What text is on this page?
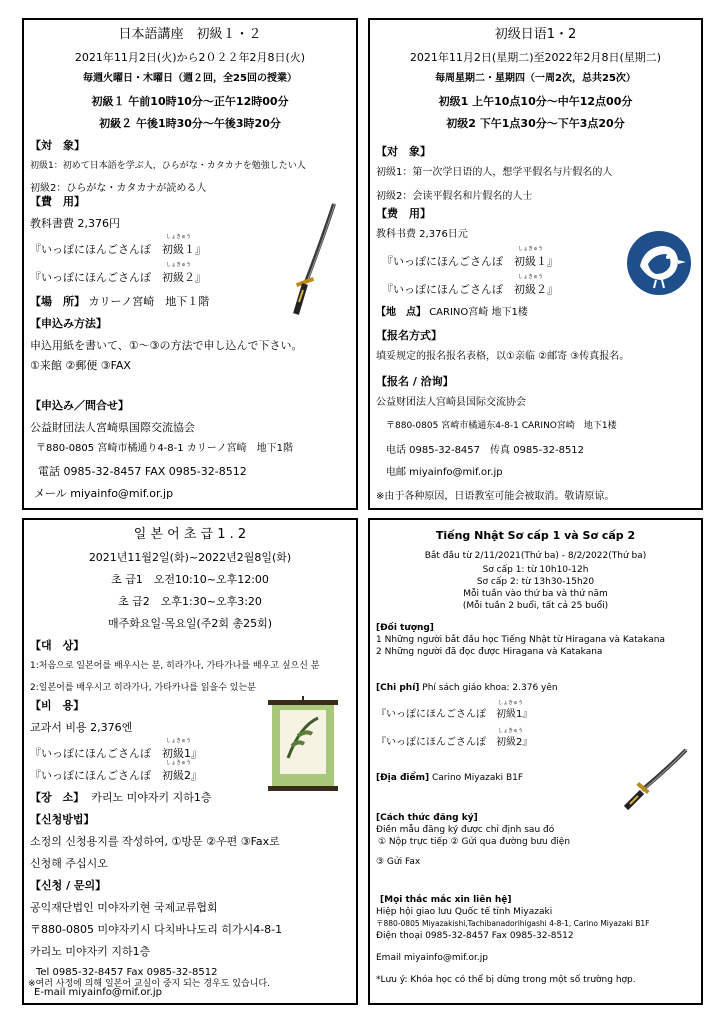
日本語講座　初級１・２
2021年11月2日(火)から2０２２年2月8日(火)
毎週火曜日・木曜日（週２回，全25回の授業）
初級１ 午前10時10分～正午12時00分
初級２ 午後1時30分～午後3時20分
【対　象】
初級1：初めて日本語を学ぶ人，ひらがな・カタカナを勉強したい人
初級2：ひらがな・カタカナが読める人
【費　用】
教科書費 2,376円
『いっぽにほんごさんぽ　
しょきゅう
初級１』
『いっぽにほんごさんぽ　
しょきゅう
初級２』
【場　所】 カリーノ宮崎　地下１階
【申込み方法】
申込用紙を書いて、①～③の方法で申し込んで下さい。
①来館 ②郵便 ③FAX
【申込み／問合せ】
公益財団法人宮崎県国際交流協会
〒880-0805 宮崎市橘通り4-8-1 カリーノ宮崎　地下1階
電話 0985-32-8457 FAX 0985-32-8512
メール miyainfo@mif.or.jp
初级日语1・2
2021年11月2日(星期二)至2022年2月8日(星期二)
每周星期二・星期四（一周2次，总共25次）
初级1 上午10点10分～中午12点00分
初级2 下午1点30分～下午3点20分
【对　象】
初级1：第一次学日语的人，想学平假名与片假名的人
初级2：会读平假名和片假名的人士
【费　用】
教科书费 2,376日元
『いっぽにほんごさんぽ　
しょきゅう
初級１』
『いっぽにほんごさんぽ　
しょきゅう
初級２』
【地　点】 CARINO宮崎 地下1楼
【报名方式】
填妥规定的报名报名表格，以①亲临 ②邮寄 ③传真报名。
【报名 / 洽询】
公益财团法人宫崎县国际交流协会
〒880-0805 宮崎市橘通东4-8-1 CARINO宮崎　地下1楼
电话 0985-32-8457　传真 0985-32-8512
电邮 miyainfo@mif.or.jp
※由于各种原因，日语教室可能会被取消。敬请原谅。
일 본 어 초 급 1 . 2
2021년11월2일(화)~2022년2월8일(화)
초 급1　오전10:10~오후12:00
초 급2　오후1:30~오후3:20
매주화요일·목요일(주2회 총25회)
【대　상】
1:처음으로 일본어를 배우시는 분, 히라가나, 가타가나를 배우고 싶으신 분
2:일본어를 배우시고 히라가나, 가타카나를 읽을수 있는분
【비　용】
교과서 비용 2,376엔
『いっぽにほんごさんぽ　
しょきゅう
初級1』
『いっぽにほんごさんぽ　
しょきゅう
初級2』
【장　소】 카리노 미야자키 지하1층
【신청방법】
소정의 신청용지를 작성하여, ①방문 ②우편 ③Fax로
신청해 주십시오
【신청 / 문의】
공익재단법인 미야자키현 국제교류협회
〒880-0805 미야자키시 다치바나도리 히가시4-8-1
카리노 미야자키 지하1층
Tel 0985-32-8457 Fax 0985-32-8512
E-mail miyainfo@mif.or.jp
※여러 사정에 의해 일본어 교실이 중지 되는 경우도 있습니다.
Tiếng Nhật Sơ cấp 1 và Sơ cấp 2
Bắt đầu từ 2/11/2021(Thứ ba) - 8/2/2022(Thứ ba)
Sơ cấp 1: từ 10h10-12h
Sơ cấp 2: từ 13h30-15h20
Mỗi tuần vào thứ ba và thứ năm
(Mỗi tuần 2 buổi, tất cả 25 buổi)
[Đối tượng]
1 Những người bắt đầu học Tiếng Nhật từ Hiragana và Katakana
2 Những người đã đọc được Hiragana và Katakana
[Chi phí] Phí sách giáo khoa: 2.376 yên
『いっぽにほんごさんぽ　
しょきゅう
初級1』
『いっぽにほんごさんぽ　
しょきゅう
初級2』
[Địa điểm] Carino Miyazaki B1F
[Cách thức đăng ký]
Điền mẫu đăng ký được chỉ định sau đó
① Nộp trực tiếp ② Gửi qua đường bưu điện
③ Gửi Fax
[Mọi thắc mắc xin liên hệ]
Hiệp hội giao lưu Quốc tế tỉnh Miyazaki
〒880-0805 Miyazakishi,Tachibanadorihigashi 4-8-1, Carino Miyazaki B1F
Điện thoại 0985-32-8457 Fax 0985-32-8512
Email miyainfo@mif.or.jp
*Lưu ý: Khóa học có thể bị dừng trong một số trường hợp.
